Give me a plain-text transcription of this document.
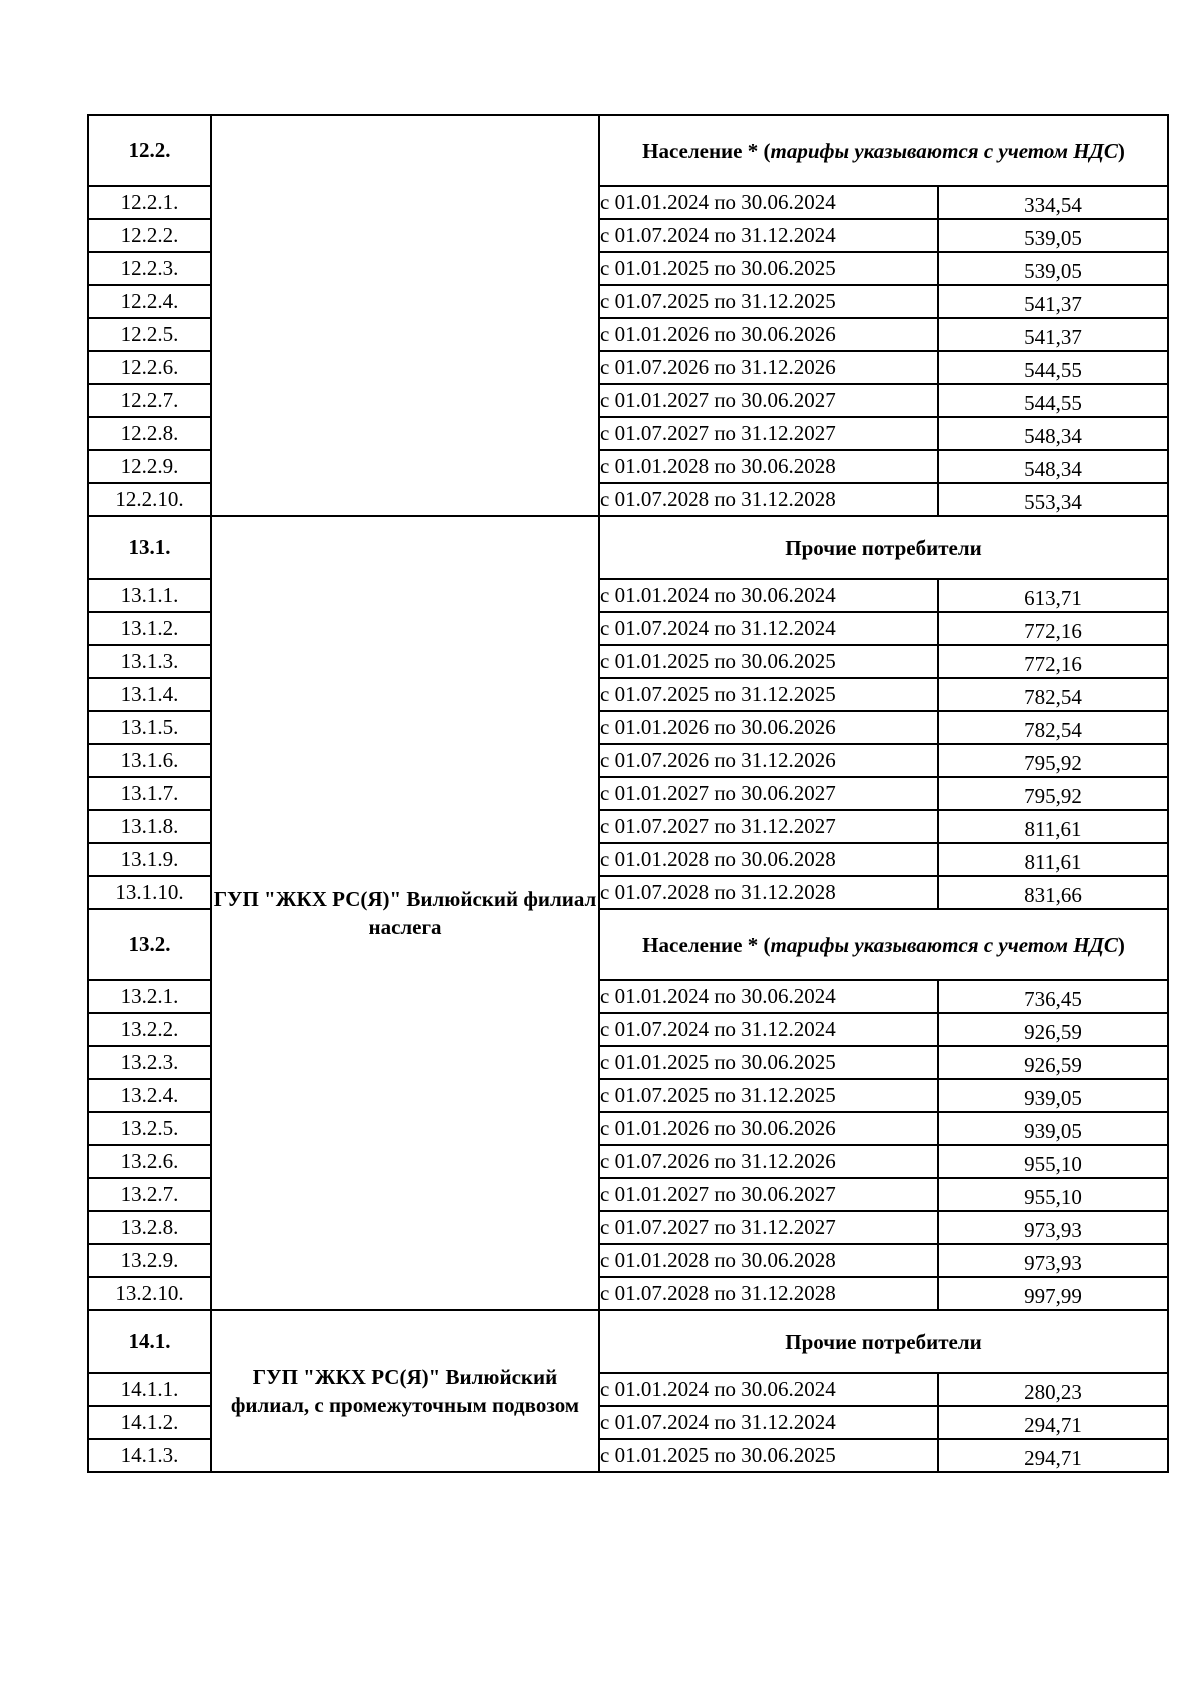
12.2.		Население * (тарифы указываются с учетом НДС)	
12.2.1.		с 01.01.2024 по 30.06.2024	334,54
12.2.2.		с 01.07.2024 по 31.12.2024	539,05
12.2.3.		с 01.01.2025 по 30.06.2025	539,05
12.2.4.		с 01.07.2025 по 31.12.2025	541,37
12.2.5.		с 01.01.2026 по 30.06.2026	541,37
12.2.6.		с 01.07.2026 по 31.12.2026	544,55
12.2.7.		с 01.01.2027 по 30.06.2027	544,55
12.2.8.		с 01.07.2027 по 31.12.2027	548,34
12.2.9.		с 01.01.2028 по 30.06.2028	548,34
12.2.10.		с 01.07.2028 по 31.12.2028	553,34
13.1.	ГУП "ЖКХ РС(Я)" Вилюйский филиал наслега	Прочие потребители	
13.1.1.		с 01.01.2024 по 30.06.2024	613,71
13.1.2.		с 01.07.2024 по 31.12.2024	772,16
13.1.3.		с 01.01.2025 по 30.06.2025	772,16
13.1.4.		с 01.07.2025 по 31.12.2025	782,54
13.1.5.		с 01.01.2026 по 30.06.2026	782,54
13.1.6.		с 01.07.2026 по 31.12.2026	795,92
13.1.7.		с 01.01.2027 по 30.06.2027	795,92
13.1.8.		с 01.07.2027 по 31.12.2027	811,61
13.1.9.		с 01.01.2028 по 30.06.2028	811,61
13.1.10.		с 01.07.2028 по 31.12.2028	831,66
13.2.		Население * (тарифы указываются с учетом НДС)	
13.2.1.		с 01.01.2024 по 30.06.2024	736,45
13.2.2.		с 01.07.2024 по 31.12.2024	926,59
13.2.3.		с 01.01.2025 по 30.06.2025	926,59
13.2.4.		с 01.07.2025 по 31.12.2025	939,05
13.2.5.		с 01.01.2026 по 30.06.2026	939,05
13.2.6.		с 01.07.2026 по 31.12.2026	955,10
13.2.7.		с 01.01.2027 по 30.06.2027	955,10
13.2.8.		с 01.07.2027 по 31.12.2027	973,93
13.2.9.		с 01.01.2028 по 30.06.2028	973,93
13.2.10.		с 01.07.2028 по 31.12.2028	997,99
14.1.	ГУП "ЖКХ РС(Я)" Вилюйский филиал, с промежуточным подвозом	Прочие потребители	
14.1.1.		с 01.01.2024 по 30.06.2024	280,23
14.1.2.		с 01.07.2024 по 31.12.2024	294,71
14.1.3.		с 01.01.2025 по 30.06.2025	294,71
